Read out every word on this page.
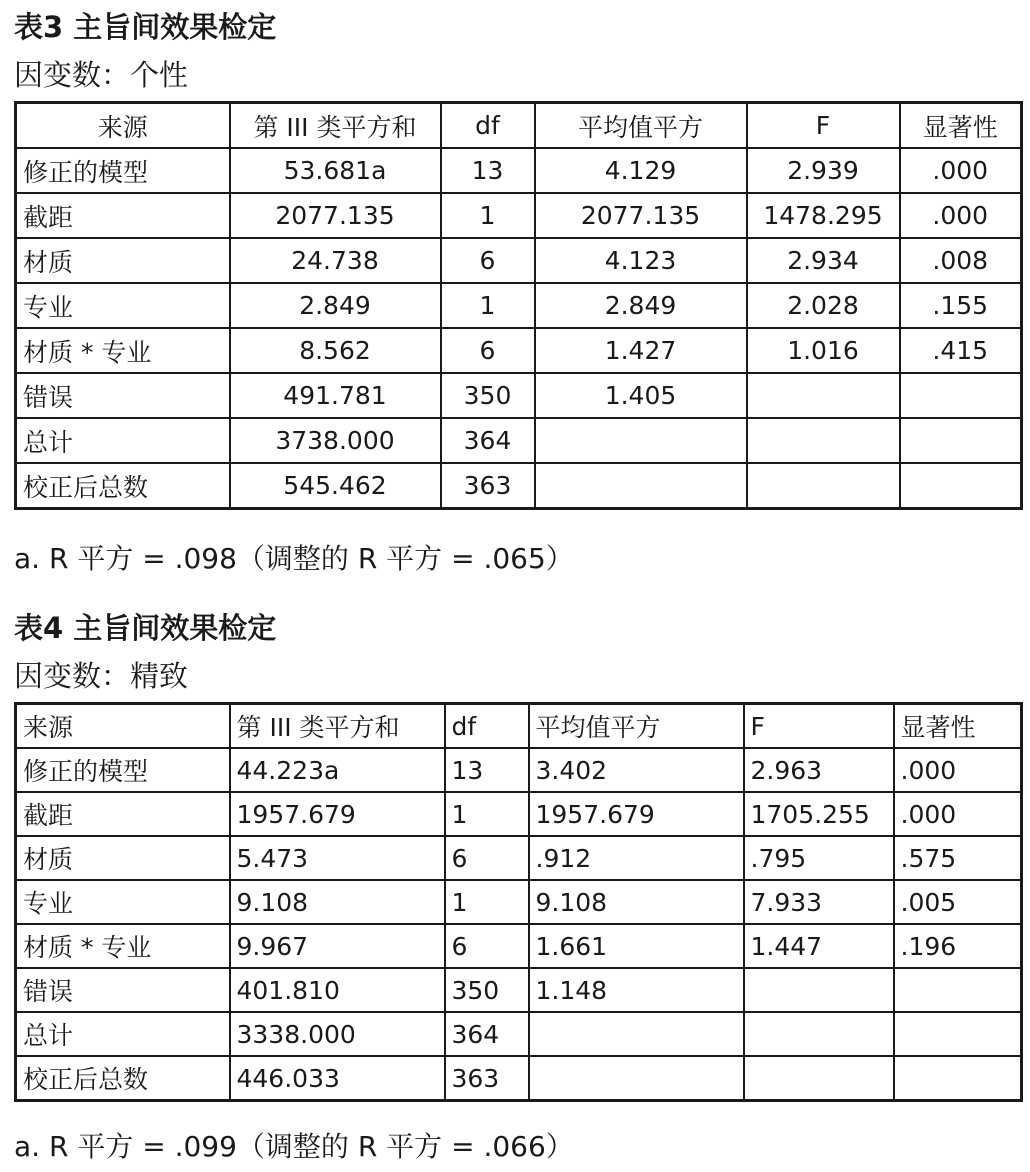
表3 主旨间效果检定
因变数：个性
来源	第 III 类平方和	df	平均值平方	F	显著性
修正的模型	53.681a	13	4.129	2.939	.000
截距	2077.135	1	2077.135	1478.295	.000
材质	24.738	6	4.123	2.934	.008
专业	2.849	1	2.849	2.028	.155
材质 * 专业	8.562	6	1.427	1.016	.415
错误	491.781	350	1.405		
总计	3738.000	364			
校正后总数	545.462	363			
a. R 平方 = .098（调整的 R 平方 = .065）
表4 主旨间效果检定
因变数：精致
来源	第 III 类平方和	df	平均值平方	F	显著性
修正的模型	44.223a	13	3.402	2.963	.000
截距	1957.679	1	1957.679	1705.255	.000
材质	5.473	6	.912	.795	.575
专业	9.108	1	9.108	7.933	.005
材质 * 专业	9.967	6	1.661	1.447	.196
错误	401.810	350	1.148		
总计	3338.000	364			
校正后总数	446.033	363			
a. R 平方 = .099（调整的 R 平方 = .066）
